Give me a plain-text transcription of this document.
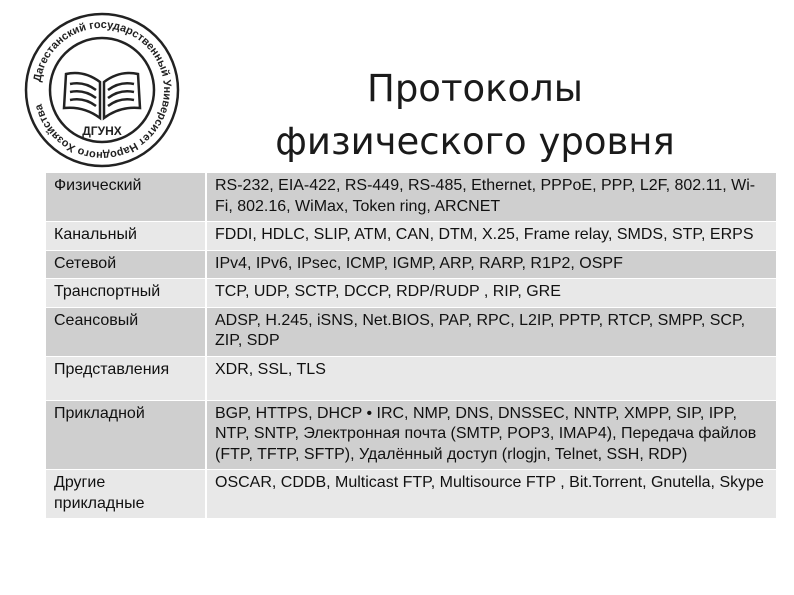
Дагестанский государственный Университет Народного Хозяйства
ДГУНХ
Протоколы
физического уровня
Физический	RS-232, EIA-422, RS-449, RS-485, Ethernet, PPPoE, PPP, L2F, 802.11, Wi-Fi, 802.16, WiMax, Token ring, ARCNET
Канальный	FDDI, HDLC, SLIP, ATM, CAN, DTM, X.25, Frame relay, SMDS, STP, ERPS
Сетевой	IPv4, IPv6, IPsec, ICMP, IGMP, ARP, RARP, R1P2, OSPF
Транспортный	TCP, UDP, SCTP, DCCP, RDP/RUDP , RIP, GRE
Сеансовый	ADSP, H.245, iSNS, Net.BIOS, PAP, RPC, L2IP, PPTP, RTCP, SMPP, SCP, ZIP, SDP
Представления	XDR, SSL, TLS
Прикладной	BGP, HTTPS, DHCP • IRC, NMP, DNS, DNSSEC, NNTP, XMPP, SIP, IPP, NTP, SNTP, Электронная почта (SMTP, POP3, IMAP4), Передача файлов (FTP, TFTP, SFTP), Удалённый доступ (rlogjn, Telnet, SSH, RDP)
Другие прикладные	OSCAR, CDDB, Multicast FTP, Multisource FTP , Bit.Torrent, Gnutella, Skype
